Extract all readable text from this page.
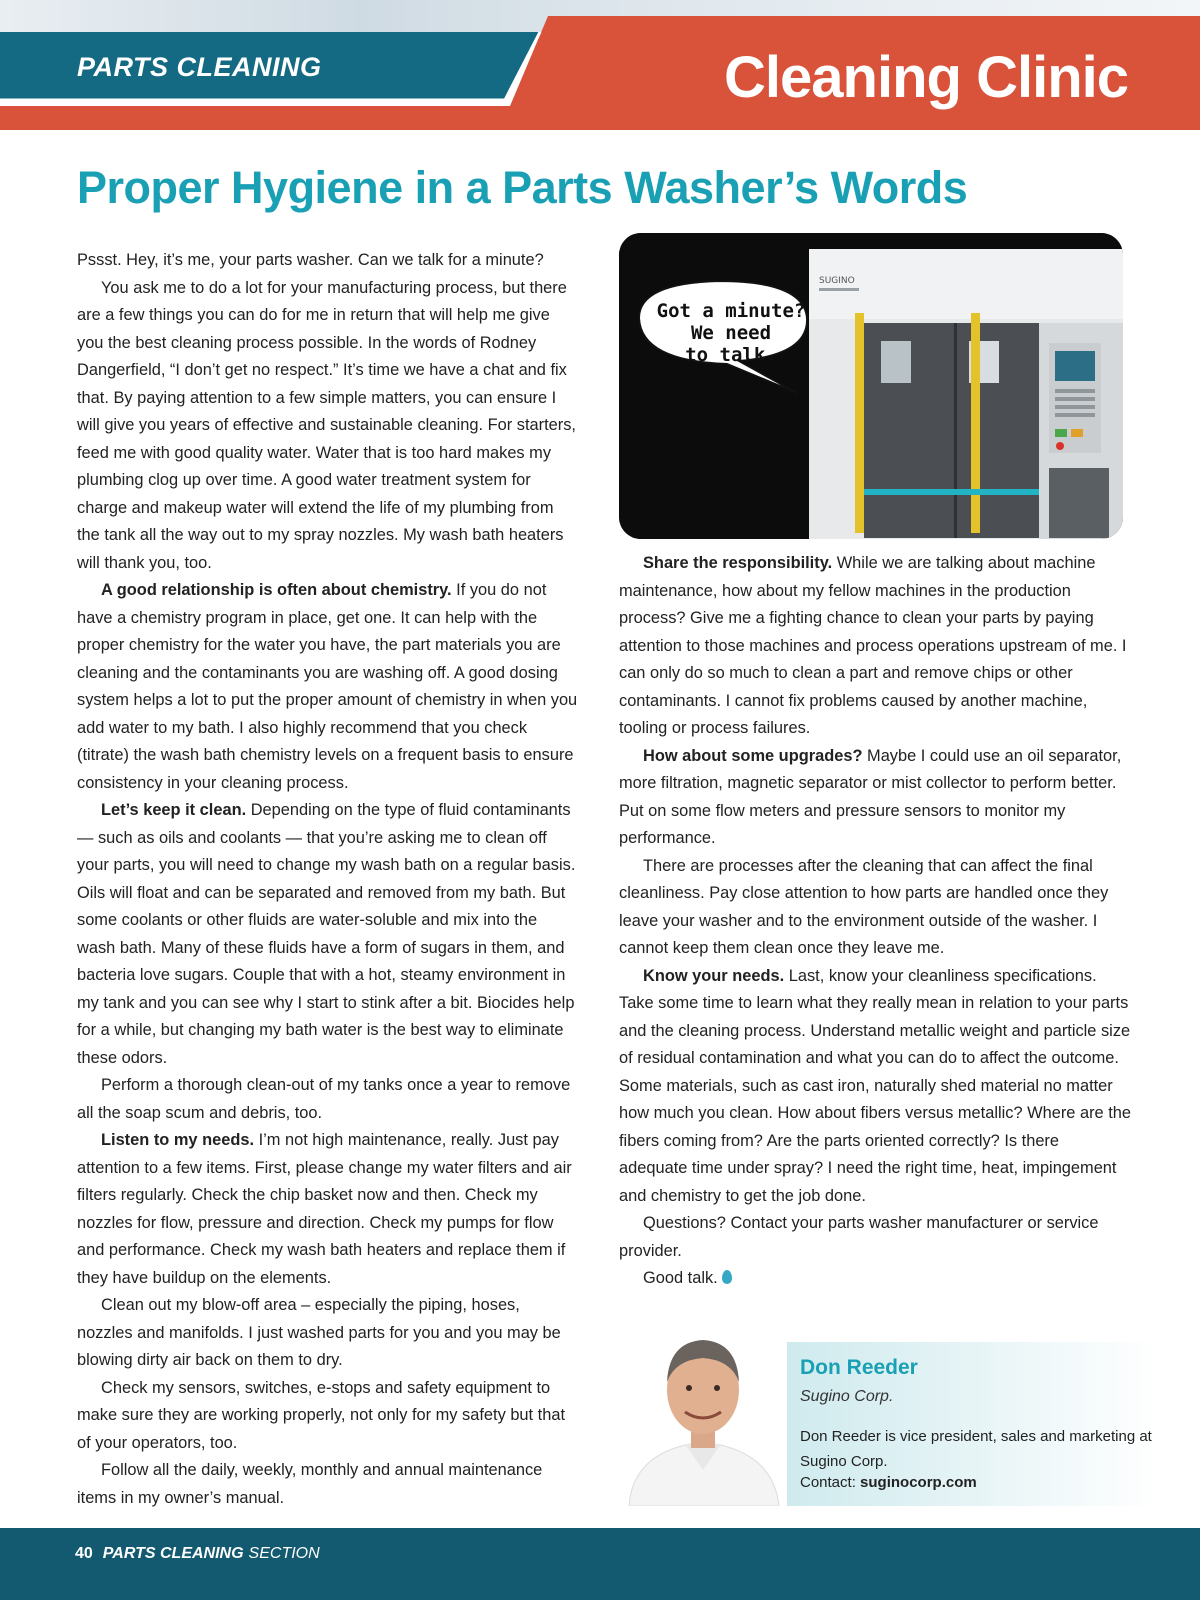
PARTS CLEANING	Cleaning Clinic
Proper Hygiene in a Parts Washer’s Words

Pssst. Hey, it’s me, your parts washer. Can we talk for a minute?

You ask me to do a lot for your manufacturing process, but there are a few things you can do for me in return that will help me give you the best cleaning process possible. In the words of Rodney Dangerfield, “I don’t get no respect.” It’s time we have a chat and fix that. By paying attention to a few simple matters, you can ensure I will give you years of effective and sustainable cleaning. For starters, feed me with good quality water. Water that is too hard makes my plumbing clog up over time. A good water treatment system for charge and makeup water will extend the life of my plumbing from the tank all the way out to my spray nozzles. My wash bath heaters will thank you, too.

A good relationship is often about chemistry. If you do not have a chemistry program in place, get one. It can help with the proper chemistry for the water you have, the part materials you are cleaning and the contaminants you are washing off. A good dosing system helps a lot to put the proper amount of chemistry in when you add water to my bath. I also highly recommend that you check (titrate) the wash bath chemistry levels on a frequent basis to ensure consistency in your cleaning process.

Let’s keep it clean. Depending on the type of fluid contaminants — such as oils and coolants — that you’re asking me to clean off your parts, you will need to change my wash bath on a regular basis. Oils will float and can be separated and removed from my bath. But some coolants or other fluids are water-soluble and mix into the wash bath. Many of these fluids have a form of sugars in them, and bacteria love sugars. Couple that with a hot, steamy environment in my tank and you can see why I start to stink after a bit. Biocides help for a while, but changing my bath water is the best way to eliminate these odors.

Perform a thorough clean-out of my tanks once a year to remove all the soap scum and debris, too.

Listen to my needs. I’m not high maintenance, really. Just pay attention to a few items. First, please change my water filters and air filters regularly. Check the chip basket now and then. Check my nozzles for flow, pressure and direction. Check my pumps for flow and performance. Check my wash bath heaters and replace them if they have buildup on the elements.

Clean out my blow-off area – especially the piping, hoses, nozzles and manifolds. I just washed parts for you and you may be blowing dirty air back on them to dry.

Check my sensors, switches, e-stops and safety equipment to make sure they are working properly, not only for my safety but that of your operators, too.

Follow all the daily, weekly, monthly and annual maintenance items in my owner’s manual.

SUGINO
Got a minute?
We need
to talk.

Share the responsibility. While we are talking about machine maintenance, how about my fellow machines in the production process? Give me a fighting chance to clean your parts by paying attention to those machines and process operations upstream of me. I can only do so much to clean a part and remove chips or other contaminants. I cannot fix problems caused by another machine, tooling or process failures.

How about some upgrades? Maybe I could use an oil separator, more filtration, magnetic separator or mist collector to perform better. Put on some flow meters and pressure sensors to monitor my performance.

There are processes after the cleaning that can affect the final cleanliness. Pay close attention to how parts are handled once they leave your washer and to the environment outside of the washer. I cannot keep them clean once they leave me.

Know your needs. Last, know your cleanliness specifications. Take some time to learn what they really mean in relation to your parts and the cleaning process. Understand metallic weight and particle size of residual contamination and what you can do to affect the outcome. Some materials, such as cast iron, naturally shed material no matter how much you clean. How about fibers versus metallic? Where are the fibers coming from? Are the parts oriented correctly? Is there adequate time under spray? I need the right time, heat, impingement and chemistry to get the job done.

Questions? Contact your parts washer manufacturer or service provider.

Good talk.

Don Reeder
Sugino Corp.
Don Reeder is vice president, sales and marketing at Sugino Corp.
Contact: suginocorp.com
40 PARTS CLEANING SECTION
